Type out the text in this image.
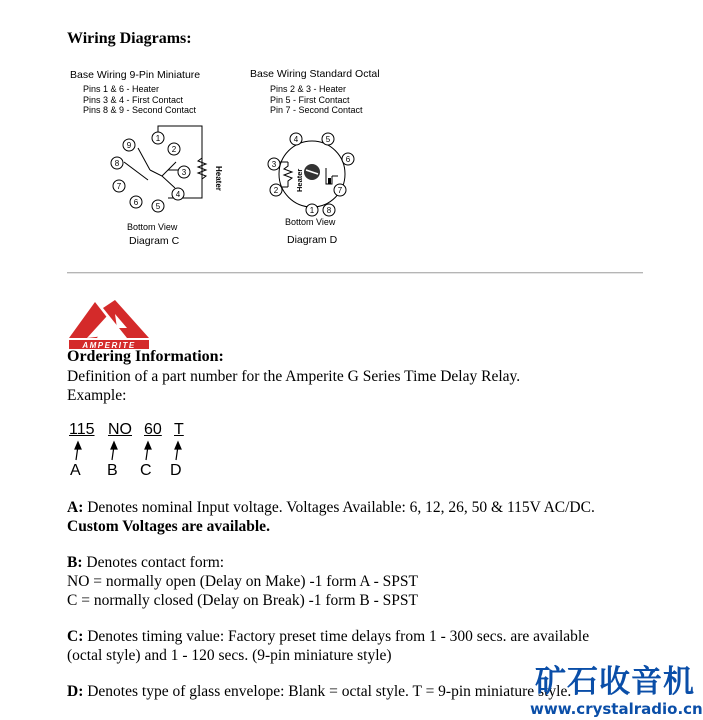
Wiring Diagrams:
Base Wiring 9-Pin Miniature
Pins 1 & 6 - Heater
Pins 3 & 4 - First Contact
Pins 8 & 9 - Second Contact
1
2
3
4
5
6
7
8
9
Heater
Bottom View
Diagram C
Base Wiring Standard Octal
Pins 2 & 3 - Heater
Pin 5 - First Contact
Pin 7 - Second Contact
1
2
3
4	5
6
7
8
Heater
Bottom View
Diagram D
AMPERITE
Ordering Information:
Definition of a part number for the Amperite G Series Time Delay Relay.
Example:
115 NO 60 T
A B C D
A: Denotes nominal Input voltage. Voltages Available: 6, 12, 26, 50 & 115V AC/DC.
Custom Voltages are available.
B: Denotes contact form:
NO = normally open (Delay on Make) -1 form A - SPST
C = normally closed (Delay on Break) -1 form B - SPST
C: Denotes timing value: Factory preset time delays from 1 - 300 secs. are available
(octal style) and 1 - 120 secs. (9-pin miniature style)
D: Denotes type of glass envelope: Blank = octal style. T = 9-pin miniature style.
矿石收音机
www.crystalradio.cn
